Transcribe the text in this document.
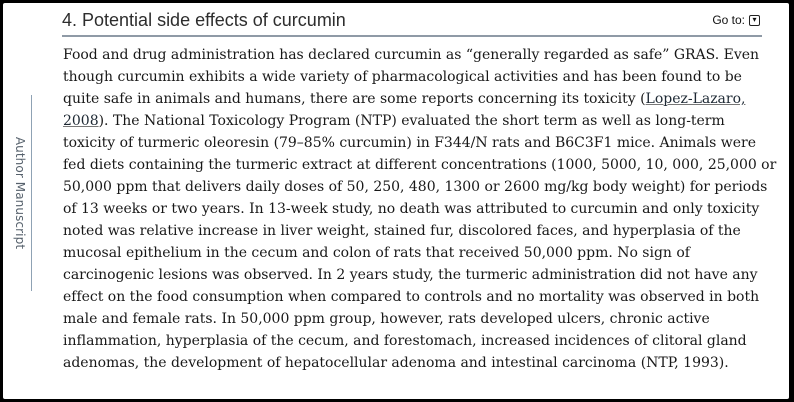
Author Manuscript
4. Potential side effects of curcumin	Go to: ▾
Food and drug administration has declared curcumin as “generally regarded as safe” GRAS. Even
though curcumin exhibits a wide variety of pharmacological activities and has been found to be
quite safe in animals and humans, there are some reports concerning its toxicity (Lopez-Lazaro,
2008). The National Toxicology Program (NTP) evaluated the short term as well as long-term
toxicity of turmeric oleoresin (79–85% curcumin) in F344/N rats and B6C3F1 mice. Animals were
fed diets containing the turmeric extract at different concentrations (1000, 5000, 10, 000, 25,000 or
50,000 ppm that delivers daily doses of 50, 250, 480, 1300 or 2600 mg/kg body weight) for periods
of 13 weeks or two years. In 13-week study, no death was attributed to curcumin and only toxicity
noted was relative increase in liver weight, stained fur, discolored faces, and hyperplasia of the
mucosal epithelium in the cecum and colon of rats that received 50,000 ppm. No sign of
carcinogenic lesions was observed. In 2 years study, the turmeric administration did not have any
effect on the food consumption when compared to controls and no mortality was observed in both
male and female rats. In 50,000 ppm group, however, rats developed ulcers, chronic active
inflammation, hyperplasia of the cecum, and forestomach, increased incidences of clitoral gland
adenomas, the development of hepatocellular adenoma and intestinal carcinoma (NTP, 1993).
